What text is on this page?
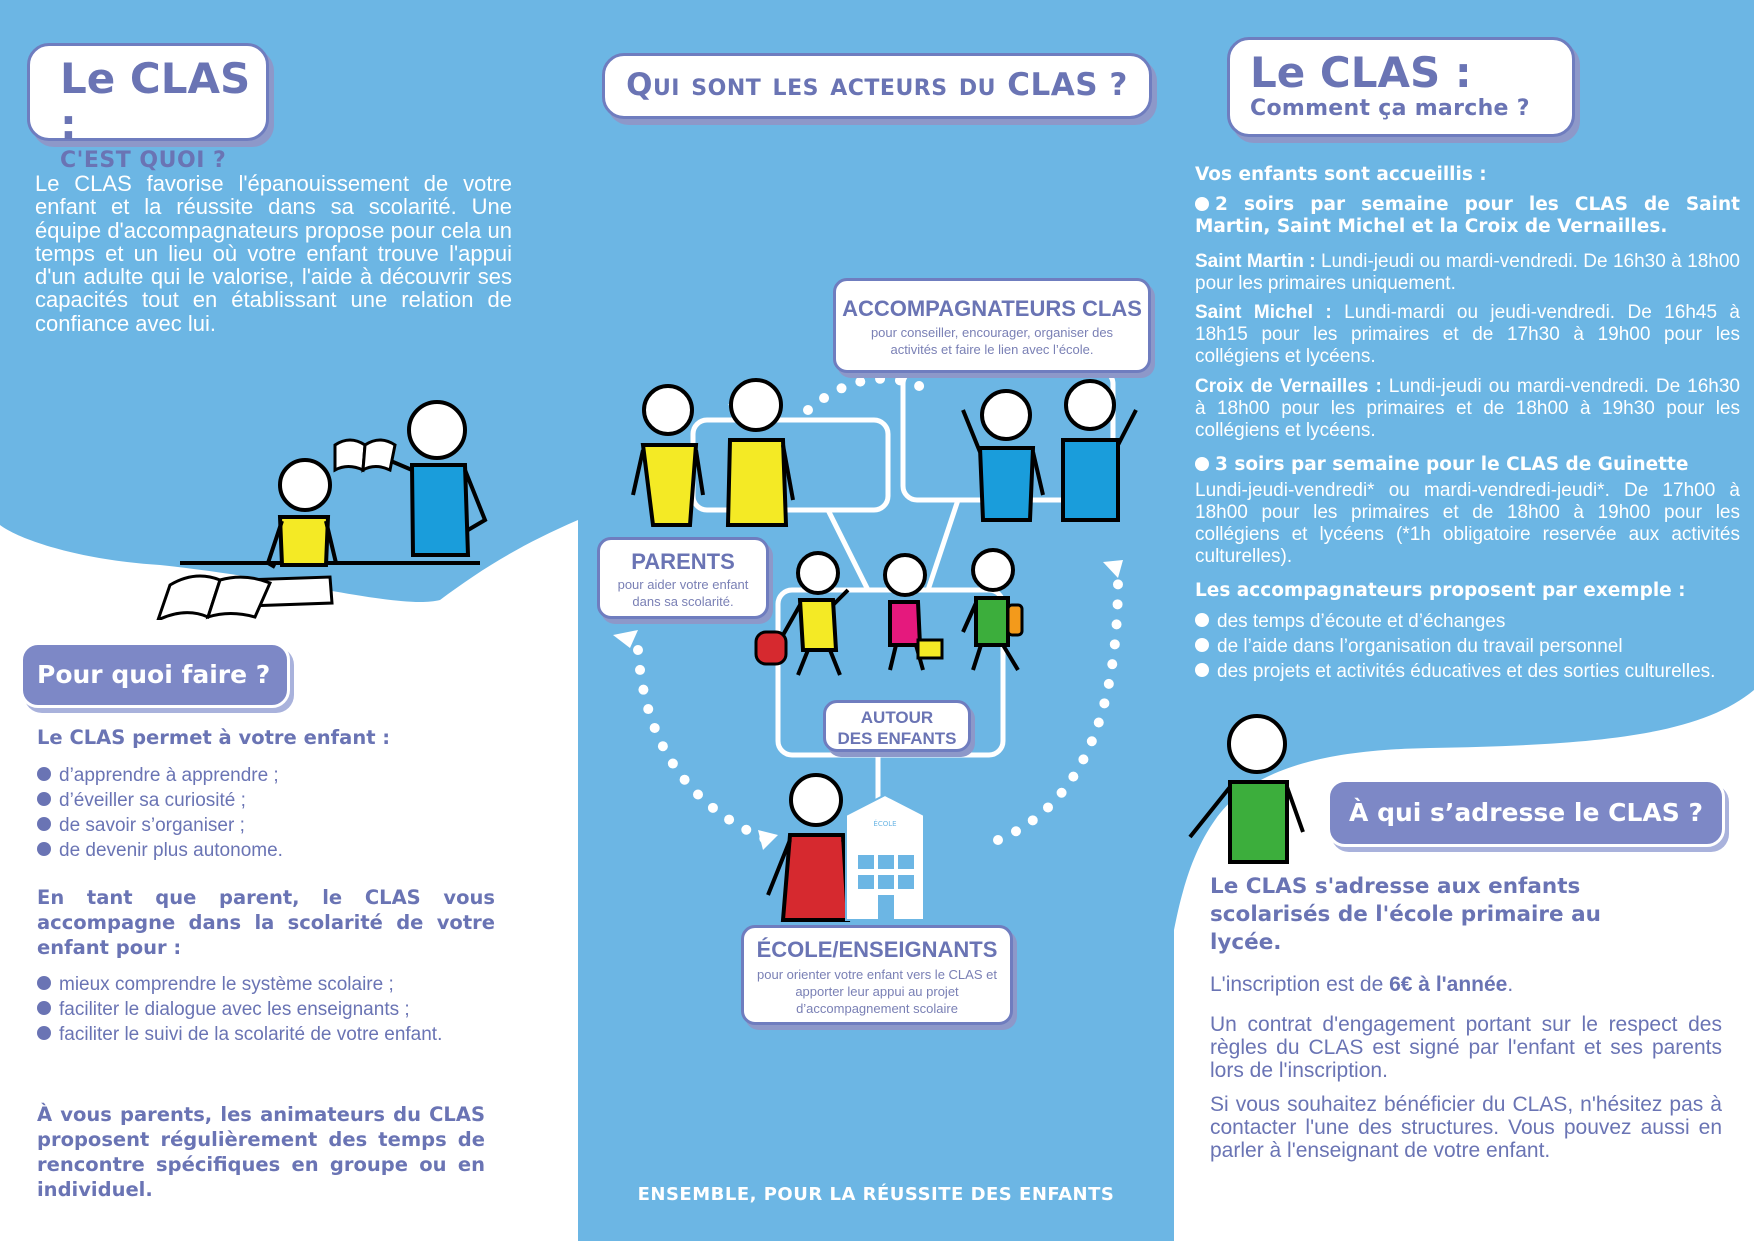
Le CLAS :
C'EST QUOI ?
Le CLAS favorise l'épanouissement de votre enfant et la réussite dans sa scolarité. Une équipe d'accompagnateurs propose pour cela un temps et un lieu où votre enfant trouve l'appui d'un adulte qui le valorise, l'aide à découvrir ses capacités tout en établissant une relation de confiance avec lui.
Pour quoi faire ?
Le CLAS permet à votre enfant :
d’apprendre à apprendre ;
d’éveiller sa curiosité ;
de savoir s’organiser ;
de devenir plus autonome.
En tant que parent, le CLAS vous accompagne dans la scolarité de votre enfant pour :
mieux comprendre le système scolaire ;
faciliter le dialogue avec les enseignants ;
faciliter le suivi de la scolarité de votre enfant.
À vous parents, les animateurs du CLAS proposent régulièrement des temps de rencontre spécifiques en groupe ou en individuel.
Qui sont les acteurs du CLAS ?
ÉCOLE
ACCOMPAGNATEURS CLAS
pour conseiller, encourager, organiser des activités et faire le lien avec l’école.
PARENTS
pour aider votre enfant dans sa scolarité.
AUTOUR
DES ENFANTS
ÉCOLE/ENSEIGNANTS
pour orienter votre enfant vers le CLAS et apporter leur appui au projet d’accompagnement scolaire
ENSEMBLE, POUR LA RÉUSSITE DES ENFANTS
Le CLAS :
Comment ça marche ?
Vos enfants sont accueillis :
2 soirs par semaine pour les CLAS de Saint Martin, Saint Michel et la Croix de Vernailles.
Saint Martin : Lundi-jeudi ou mardi-vendredi. De 16h30 à 18h00 pour les primaires uniquement.
Saint Michel : Lundi-mardi ou jeudi-vendredi. De 16h45 à 18h15 pour les primaires et de 17h30 à 19h00 pour les collégiens et lycéens.
Croix de Vernailles : Lundi-jeudi ou mardi-vendredi. De 16h30 à 18h00 pour les primaires et de 18h00 à 19h30 pour les collégiens et lycéens.
3 soirs par semaine pour le CLAS de Guinette
Lundi-jeudi-vendredi* ou mardi-vendredi-jeudi*. De 17h00 à 18h00 pour les primaires et de 18h00 à 19h00 pour les collégiens et lycéens (*1h obligatoire reservée aux activités culturelles).
Les accompagnateurs proposent par exemple :
des temps d’écoute et d’échanges
de l’aide dans l’organisation du travail personnel
des projets et activités éducatives et des sorties culturelles.
À qui s’adresse le CLAS ?
Le CLAS s'adresse aux enfants scolarisés de l'école primaire au lycée.
L'inscription est de 6€ à l'année.
Un contrat d'engagement portant sur le respect des règles du CLAS est signé par l'enfant et ses parents lors de l'inscription.
Si vous souhaitez bénéficier du CLAS, n'hésitez pas à contacter l'une des structures. Vous pouvez aussi en parler à l'enseignant de votre enfant.
